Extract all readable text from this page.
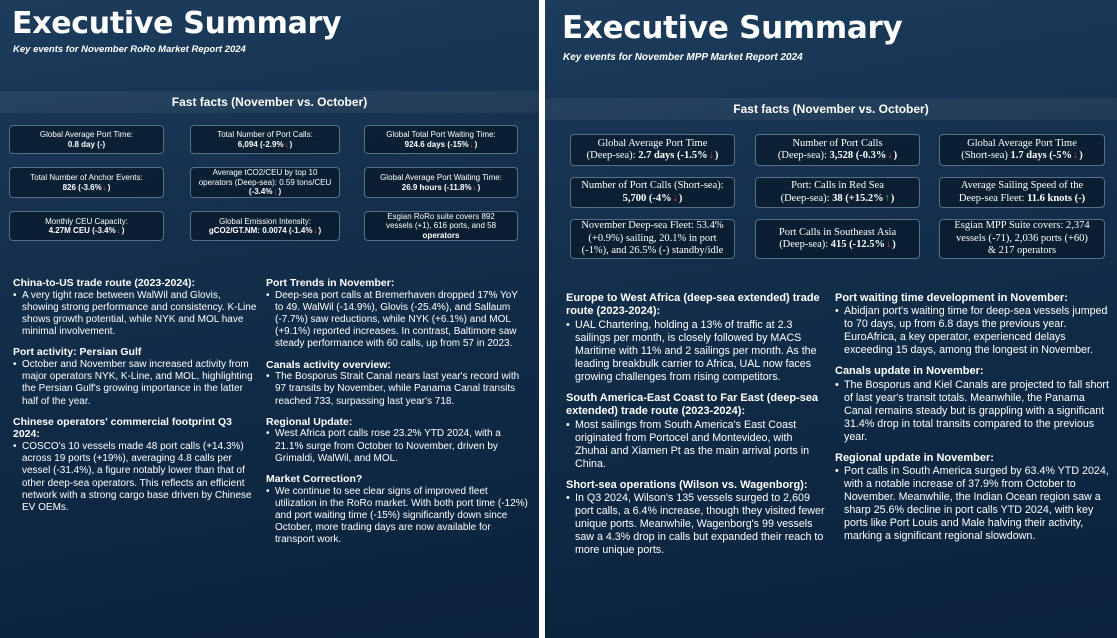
Executive Summary
Key events for November RoRo Market Report 2024
Fast facts (November vs. October)
Global Average Port Time:
0.8 day (-)
Total Number of Port Calls:
6,094 (-2.9%↓)
Global Total Port Waiting Time:
924.6 days (-15%↓)
Total Number of Anchor Events:
826 (-3.6%↓)
Average tCO2/CEU by top 10
operators (Deep-sea): 0.59 tons/CEU
(-3.4%↓)
Global Average Port Waiting Time:
26.9 hours (-11.8%↓)
Monthly CEU Capacity:
4.27M CEU (-3.4%↓)
Global Emission Intensity:
gCO2/GT.NM: 0.0074 (-1.4%↓)
Esgian RoRo suite covers 892
vessels (+1), 616 ports, and 58
operators
China-to-US trade route (2023-2024):
• A very tight race between WalWil and Glovis, showing strong performance and consistency. K-Line shows growth potential, while NYK and MOL have minimal involvement.
Port activity: Persian Gulf
• October and November saw increased activity from major operators NYK, K-Line, and MOL, highlighting the Persian Gulf's growing importance in the latter half of the year.
Chinese operators' commercial footprint Q3 2024:
• COSCO's 10 vessels made 48 port calls (+14.3%) across 19 ports (+19%), averaging 4.8 calls per vessel (-31.4%), a figure notably lower than that of other deep-sea operators. This reflects an efficient network with a strong cargo base driven by Chinese EV OEMs.
Port Trends in November:
• Deep-sea port calls at Bremerhaven dropped 17% YoY to 49. WalWil (-14.9%), Glovis (-25.4%), and Sallaum (-7.7%) saw reductions, while NYK (+6.1%) and MOL (+9.1%) reported increases. In contrast, Baltimore saw steady performance with 60 calls, up from 57 in 2023.
Canals activity overview:
• The Bosporus Strait Canal nears last year's record with 97 transits by November, while Panama Canal transits reached 733, surpassing last year's 718.
Regional Update:
• West Africa port calls rose 23.2% YTD 2024, with a 21.1% surge from October to November, driven by Grimaldi, WalWil, and MOL.
Market Correction?
• We continue to see clear signs of improved fleet utilization in the RoRo market. With both port time (-12%) and port waiting time (-15%) significantly down since October, more trading days are now available for transport work.
Executive Summary
Key events for November MPP Market Report 2024
Fast facts (November vs. October)
Global Average Port Time
(Deep-sea): 2.7 days (-1.5%↓)
Number of Port Calls
(Deep-sea): 3,528 (-0.3%↓)
Global Average Port Time
(Short-sea) 1.7 days (-5%↓)
Number of Port Calls (Short-sea):
5,700 (-4%↓)
Port: Calls in Red Sea
(Deep-sea): 38 (+15.2%↑)
Average Sailing Speed of the
Deep-sea Fleet: 11.6 knots (-)
November Deep-sea Fleet: 53.4%
(+0.9%) sailing, 20.1% in port
(-1%), and 26.5% (-) standby/idle
Port Calls in Southeast Asia
(Deep-sea): 415 (-12.5%↓)
Esgian MPP Suite covers: 2,374
vessels (-71), 2,036 ports (+60)
& 217 operators
Europe to West Africa (deep-sea extended) trade route (2023-2024):
• UAL Chartering, holding a 13% of traffic at 2.3 sailings per month, is closely followed by MACS Maritime with 11% and 2 sailings per month. As the leading breakbulk carrier to Africa, UAL now faces growing challenges from rising competitors.
South America-East Coast to Far East (deep-sea extended) trade route (2023-2024):
• Most sailings from South America's East Coast originated from Portocel and Montevideo, with Zhuhai and Xiamen Pt as the main arrival ports in China.
Short-sea operations (Wilson vs. Wagenborg):
• In Q3 2024, Wilson's 135 vessels surged to 2,609 port calls, a 6.4% increase, though they visited fewer unique ports. Meanwhile, Wagenborg's 99 vessels saw a 4.3% drop in calls but expanded their reach to more unique ports.
Port waiting time development in November:
• Abidjan port's waiting time for deep-sea vessels jumped to 70 days, up from 6.8 days the previous year. EuroAfrica, a key operator, experienced delays exceeding 15 days, among the longest in November.
Canals update in November:
• The Bosporus and Kiel Canals are projected to fall short of last year's transit totals. Meanwhile, the Panama Canal remains steady but is grappling with a significant 31.4% drop in total transits compared to the previous year.
Regional update in November:
• Port calls in South America surged by 63.4% YTD 2024, with a notable increase of 37.9% from October to November. Meanwhile, the Indian Ocean region saw a sharp 25.6% decline in port calls YTD 2024, with key ports like Port Louis and Male halving their activity, marking a significant regional slowdown.
